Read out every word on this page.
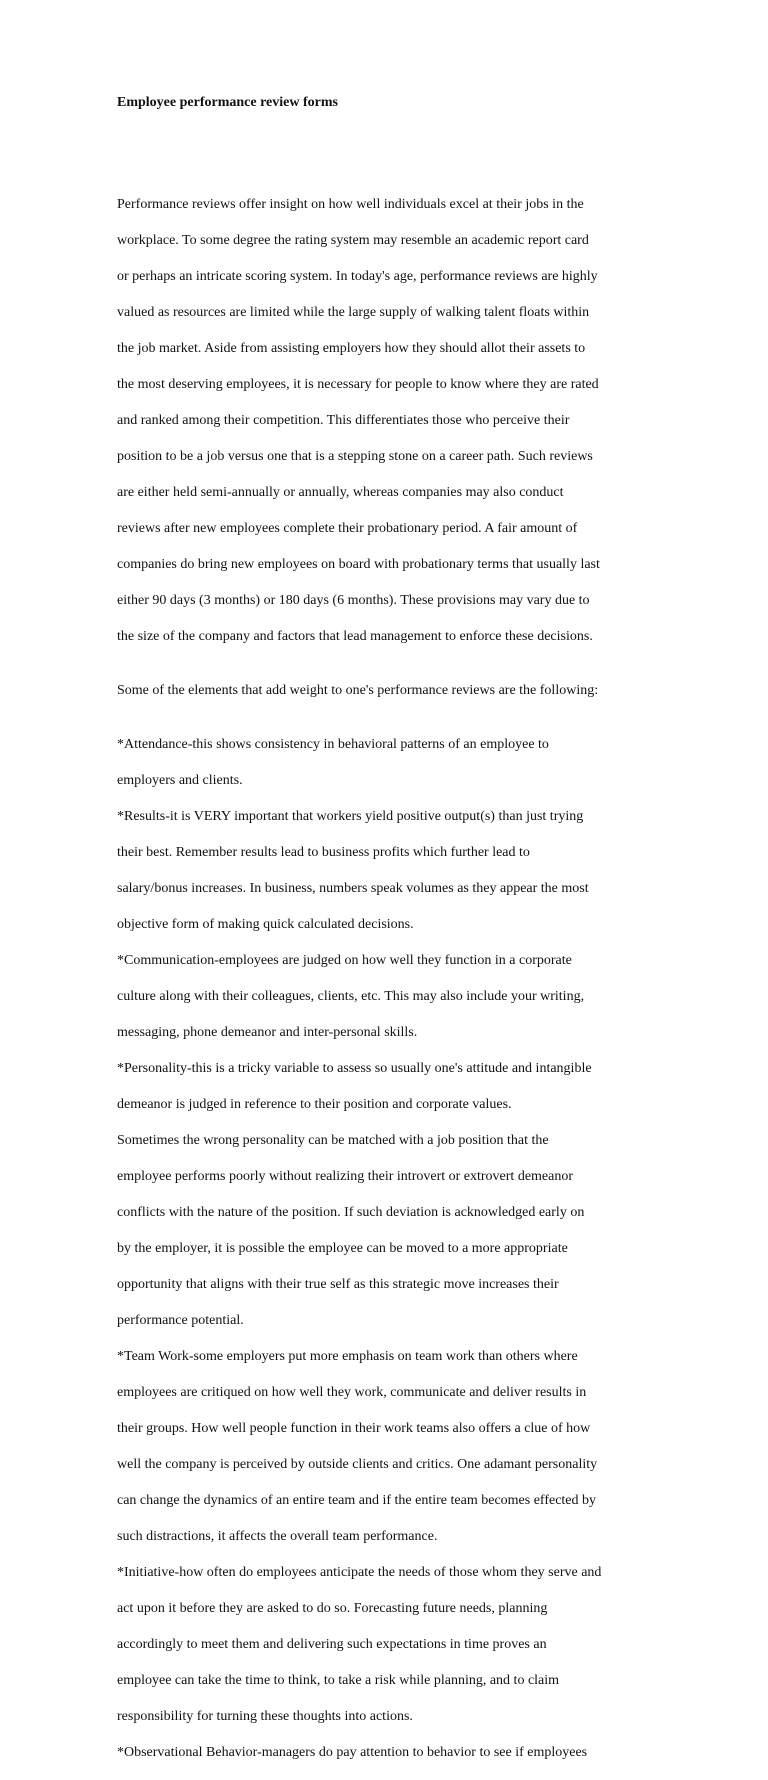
Employee performance review forms

Performance reviews offer insight on how well individuals excel at their jobs in the

workplace. To some degree the rating system may resemble an academic report card

or perhaps an intricate scoring system. In today's age, performance reviews are highly

valued as resources are limited while the large supply of walking talent floats within

the job market. Aside from assisting employers how they should allot their assets to

the most deserving employees, it is necessary for people to know where they are rated

and ranked among their competition. This differentiates those who perceive their

position to be a job versus one that is a stepping stone on a career path. Such reviews

are either held semi-annually or annually, whereas companies may also conduct

reviews after new employees complete their probationary period. A fair amount of

companies do bring new employees on board with probationary terms that usually last

either 90 days (3 months) or 180 days (6 months). These provisions may vary due to

the size of the company and factors that lead management to enforce these decisions.

Some of the elements that add weight to one's performance reviews are the following:

*Attendance-this shows consistency in behavioral patterns of an employee to

employers and clients.

*Results-it is VERY important that workers yield positive output(s) than just trying

their best. Remember results lead to business profits which further lead to

salary/bonus increases. In business, numbers speak volumes as they appear the most

objective form of making quick calculated decisions.

*Communication-employees are judged on how well they function in a corporate

culture along with their colleagues, clients, etc. This may also include your writing,

messaging, phone demeanor and inter-personal skills.

*Personality-this is a tricky variable to assess so usually one's attitude and intangible

demeanor is judged in reference to their position and corporate values.

Sometimes the wrong personality can be matched with a job position that the

employee performs poorly without realizing their introvert or extrovert demeanor

conflicts with the nature of the position. If such deviation is acknowledged early on

by the employer, it is possible the employee can be moved to a more appropriate

opportunity that aligns with their true self as this strategic move increases their

performance potential.

*Team Work-some employers put more emphasis on team work than others where

employees are critiqued on how well they work, communicate and deliver results in

their groups. How well people function in their work teams also offers a clue of how

well the company is perceived by outside clients and critics. One adamant personality

can change the dynamics of an entire team and if the entire team becomes effected by

such distractions, it affects the overall team performance.

*Initiative-how often do employees anticipate the needs of those whom they serve and

act upon it before they are asked to do so. Forecasting future needs, planning

accordingly to meet them and delivering such expectations in time proves an

employee can take the time to think, to take a risk while planning, and to claim

responsibility for turning these thoughts into actions.

*Observational Behavior-managers do pay attention to behavior to see if employees
